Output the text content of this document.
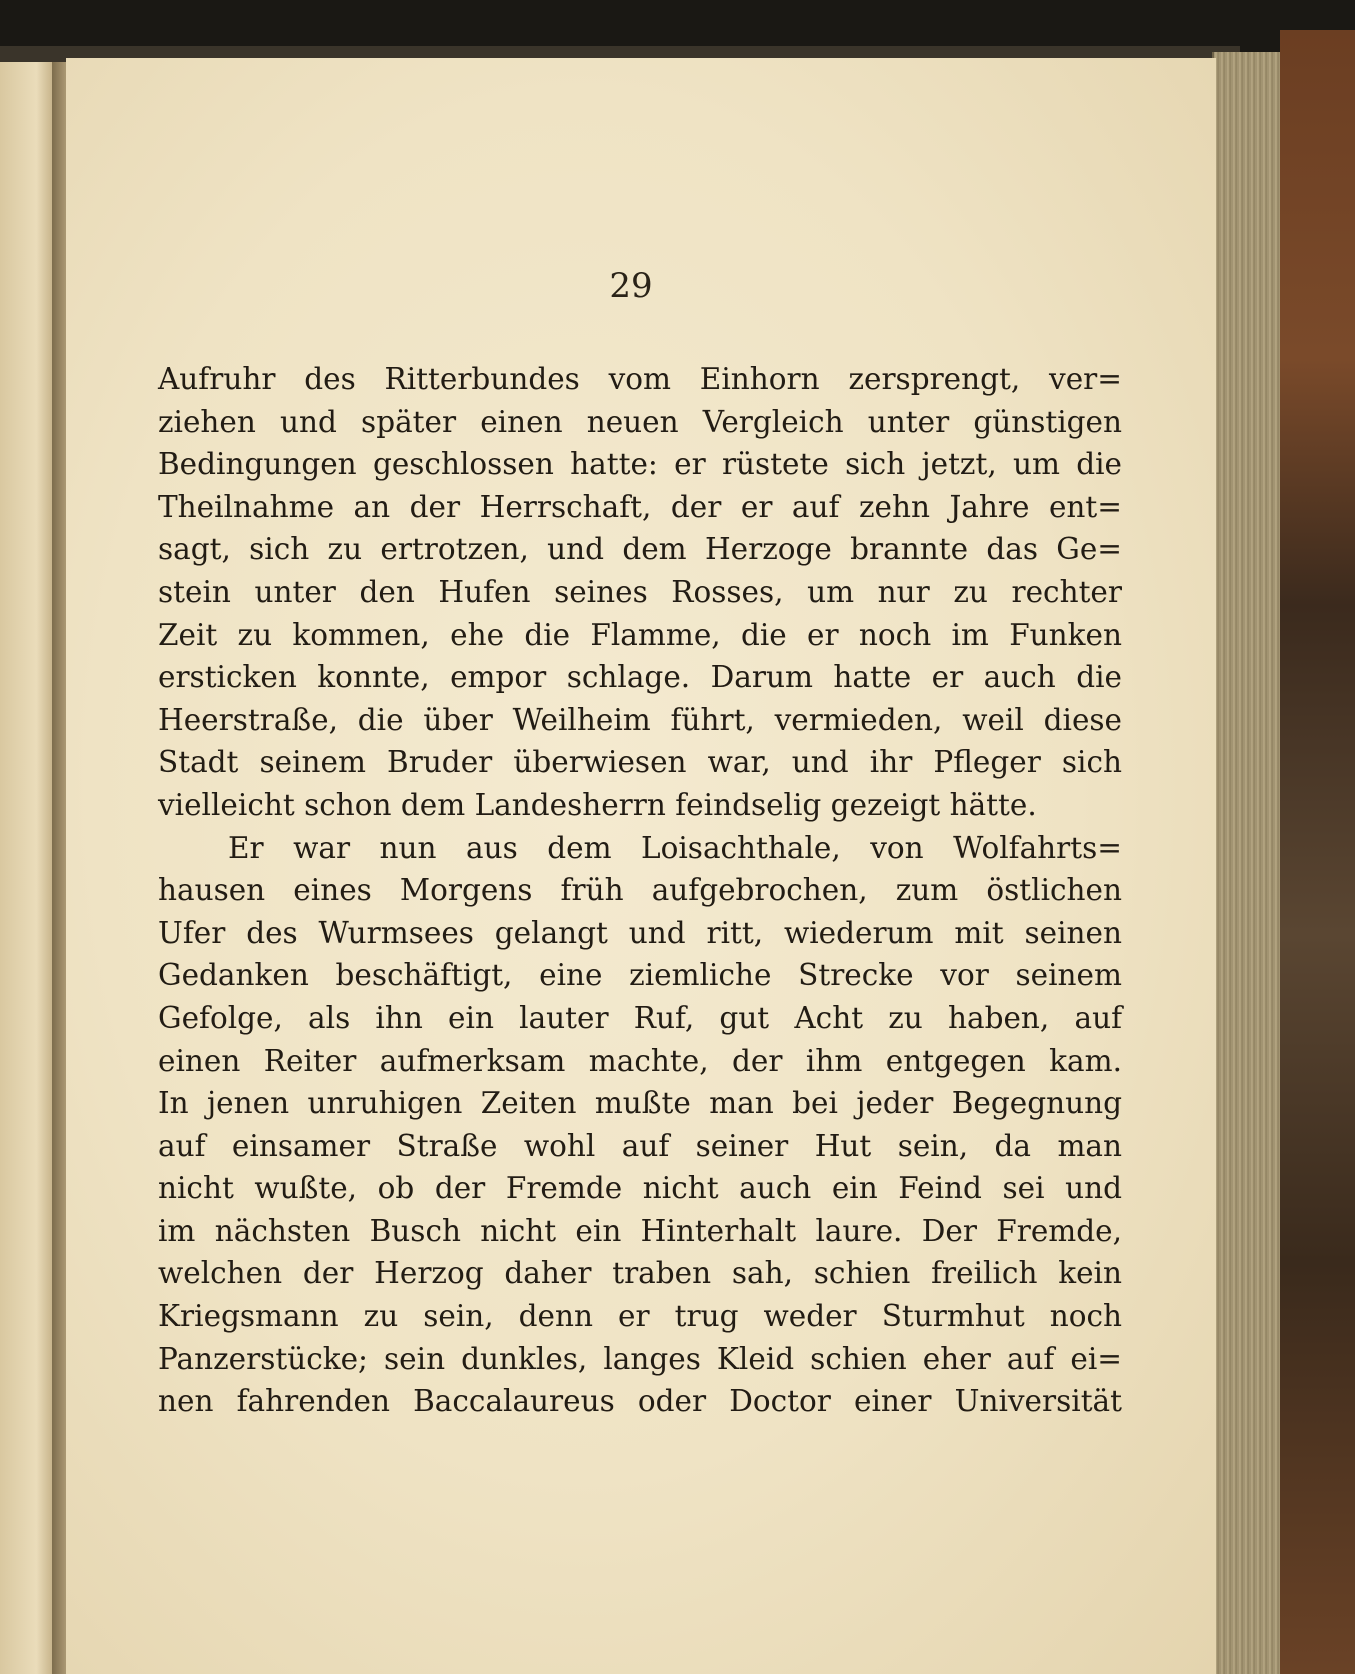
29
Aufruhr des Ritterbundes vom Einhorn zersprengt, ver=
ziehen und später einen neuen Vergleich unter günstigen
Bedingungen geschlossen hatte: er rüstete sich jetzt, um die
Theilnahme an der Herrschaft, der er auf zehn Jahre ent=
sagt, sich zu ertrotzen, und dem Herzoge brannte das Ge=
stein unter den Hufen seines Rosses, um nur zu rechter
Zeit zu kommen, ehe die Flamme, die er noch im Funken
ersticken konnte, empor schlage. Darum hatte er auch die
Heerstraße, die über Weilheim führt, vermieden, weil diese
Stadt seinem Bruder überwiesen war, und ihr Pfleger sich
vielleicht schon dem Landesherrn feindselig gezeigt hätte.
Er war nun aus dem Loisachthale, von Wolfahrts=
hausen eines Morgens früh aufgebrochen, zum östlichen
Ufer des Wurmsees gelangt und ritt, wiederum mit seinen
Gedanken beschäftigt, eine ziemliche Strecke vor seinem
Gefolge, als ihn ein lauter Ruf, gut Acht zu haben, auf
einen Reiter aufmerksam machte, der ihm entgegen kam.
In jenen unruhigen Zeiten mußte man bei jeder Begegnung
auf einsamer Straße wohl auf seiner Hut sein, da man
nicht wußte, ob der Fremde nicht auch ein Feind sei und
im nächsten Busch nicht ein Hinterhalt laure. Der Fremde,
welchen der Herzog daher traben sah, schien freilich kein
Kriegsmann zu sein, denn er trug weder Sturmhut noch
Panzerstücke; sein dunkles, langes Kleid schien eher auf ei=
nen fahrenden Baccalaureus oder Doctor einer Universität
